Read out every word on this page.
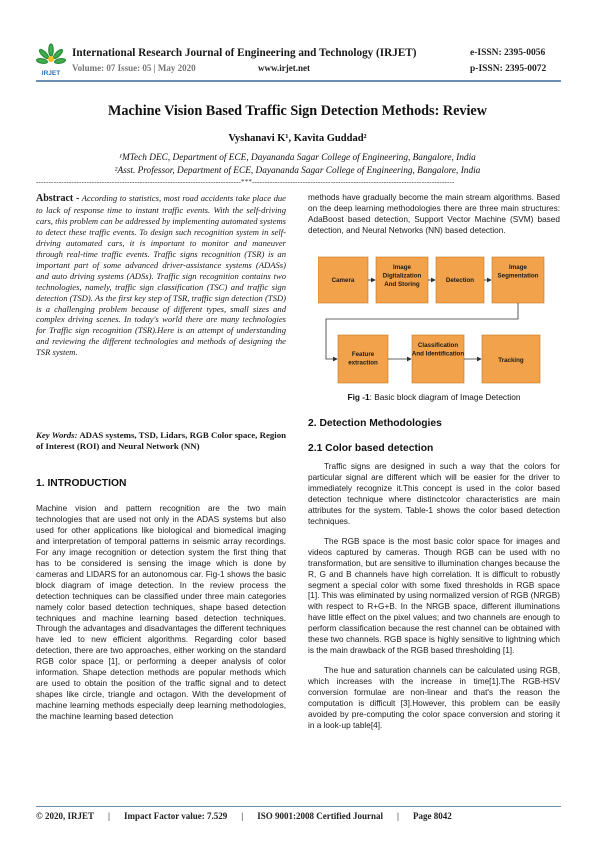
IRJET
International Research Journal of Engineering and Technology (IRJET)
Volume: 07 Issue: 05 | May 2020	www.irjet.net
e-ISSN: 2395-0056
p-ISSN: 2395-0072
Machine Vision Based Traffic Sign Detection Methods: Review
Vyshanavi K¹, Kavita Guddad²
¹MTech DEC, Department of ECE, Dayananda Sagar College of Engineering, Bangalore, India
²Asst. Professor, Department of ECE, Dayananda Sagar College of Engineering, Bangalore, India
---------------------------------------------------------------------------------***--------------------------------------------------------------------------------

Abstract - According to statistics, most road accidents take place due to lack of response time to instant traffic events. With the self-driving cars, this problem can be addressed by implementing automated systems to detect these traffic events. To design such recognition system in self-driving automated cars, it is important to monitor and maneuver through real-time traffic events. Traffic signs recognition (TSR) is an important part of some advanced driver-assistance systems (ADASs) and auto driving systems (ADSs). Traffic sign recognition contains two technologies, namely, traffic sign classification (TSC) and traffic sign detection (TSD). As the first key step of TSR, traffic sign detection (TSD) is a challenging problem because of different types, small sizes and complex driving scenes. In today's world there are many technologies for Traffic sign recognition (TSR).Here is an attempt of understanding and reviewing the different technologies and methods of designing the TSR system.

Key Words: ADAS systems, TSD, Lidars, RGB Color space, Region of Interest (ROI) and Neural Network (NN)

1. INTRODUCTION
Machine vision and pattern recognition are the two main technologies that are used not only in the ADAS systems but also used for other applications like biological and biomedical imaging and interpretation of temporal patterns in seismic array recordings. For any image recognition or detection system the first thing that has to be considered is sensing the image which is done by cameras and LIDARS for an autonomous car. Fig-1 shows the basic block diagram of image detection. In the review process the detection techniques can be classified under three main categories namely color based detection techniques, shape based detection techniques and machine learning based detection techniques. Through the advantages and disadvantages the different techniques have led to new efficient algorithms. Regarding color based detection, there are two approaches, either working on the standard RGB color space [1], or performing a deeper analysis of color information. Shape detection methods are popular methods which are used to obtain the position of the traffic signal and to detect shapes like circle, triangle and octagon. With the development of machine learning methods especially deep learning methodologies, the machine learning based detection
methods have gradually become the main stream algorithms. Based on the deep learning methodologies there are three main structures: AdaBoost based detection, Support Vector Machine (SVM) based detection, and Neural Networks (NN) based detection.
Camera
Image Digitalization And Storing
Detection
Image Segmentation
Feature extraction
Classification And Identification
Tracking
Fig -1: Basic block diagram of Image Detection
2. Detection Methodologies
2.1 Color based detection

Traffic signs are designed in such a way that the colors for particular signal are different which will be easier for the driver to immediately recognize it.This concept is used in the color based detection technique where distinctcolor characteristics are main attributes for the system. Table-1 shows the color based detection techniques.

The RGB space is the most basic color space for images and videos captured by cameras. Though RGB can be used with no transformation, but are sensitive to illumination changes because the R, G and B channels have high correlation. It is difficult to robustly segment a special color with some fixed thresholds in RGB space [1]. This was eliminated by using normalized version of RGB (NRGB) with respect to R+G+B. In the NRGB space, different illuminations have little effect on the pixel values; and two channels are enough to perform classification because the rest channel can be obtained with these two channels. RGB space is highly sensitive to lightning which is the main drawback of the RGB based thresholding [1].

The hue and saturation channels can be calculated using RGB, which increases with the increase in time[1].The RGB-HSV conversion formulae are non-linear and that's the reason the computation is difficult [3].However, this problem can be easily avoided by pre-computing the color space conversion and storing it in a look-up table[4].

© 2020, IRJET | Impact Factor value: 7.529 | ISO 9001:2008 Certified Journal | Page 8042
